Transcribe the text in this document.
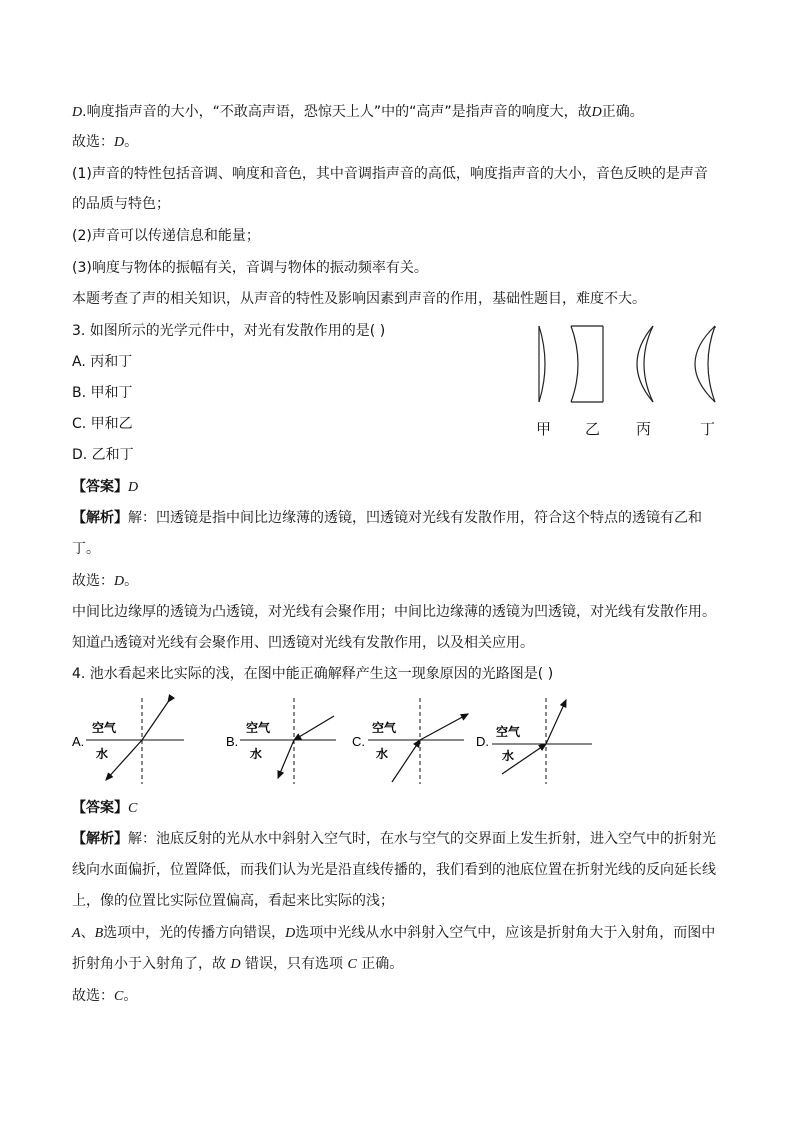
D.响度指声音的大小，“不敢高声语，恐惊天上人”中的“高声”是指声音的响度大，故D正确。
故选：D。
(1)声音的特性包括音调、响度和音色，其中音调指声音的高低，响度指声音的大小，音色反映的是声音
的品质与特色；
(2)声音可以传递信息和能量；
(3)响度与物体的振幅有关，音调与物体的振动频率有关。
本题考查了声的相关知识，从声音的特性及影响因素到声音的作用，基础性题目，难度不大。
3. 如图所示的光学元件中，对光有发散作用的是( )
A. 丙和丁
B. 甲和丁
C. 甲和乙
D. 乙和丁
甲 乙 丙	丁
【答案】D
【解析】解：凹透镜是指中间比边缘薄的透镜，凹透镜对光线有发散作用，符合这个特点的透镜有乙和
丁。
故选：D。
中间比边缘厚的透镜为凸透镜，对光线有会聚作用；中间比边缘薄的透镜为凹透镜，对光线有发散作用。
知道凸透镜对光线有会聚作用、凹透镜对光线有发散作用，以及相关应用。
4. 池水看起来比实际的浅，在图中能正确解释产生这一现象原因的光路图是( )
A.
空气
水
B.
空气
水
C.
空气
水
D.
空气
水
【答案】C
【解析】解：池底反射的光从水中斜射入空气时，在水与空气的交界面上发生折射，进入空气中的折射光
线向水面偏折，位置降低，而我们认为光是沿直线传播的，我们看到的池底位置在折射光线的反向延长线
上，像的位置比实际位置偏高，看起来比实际的浅；
A、B选项中，光的传播方向错误，D选项中光线从水中斜射入空气中，应该是折射角大于入射角，而图中
折射角小于入射角了，故 D 错误，只有选项 C 正确。
故选：C。
